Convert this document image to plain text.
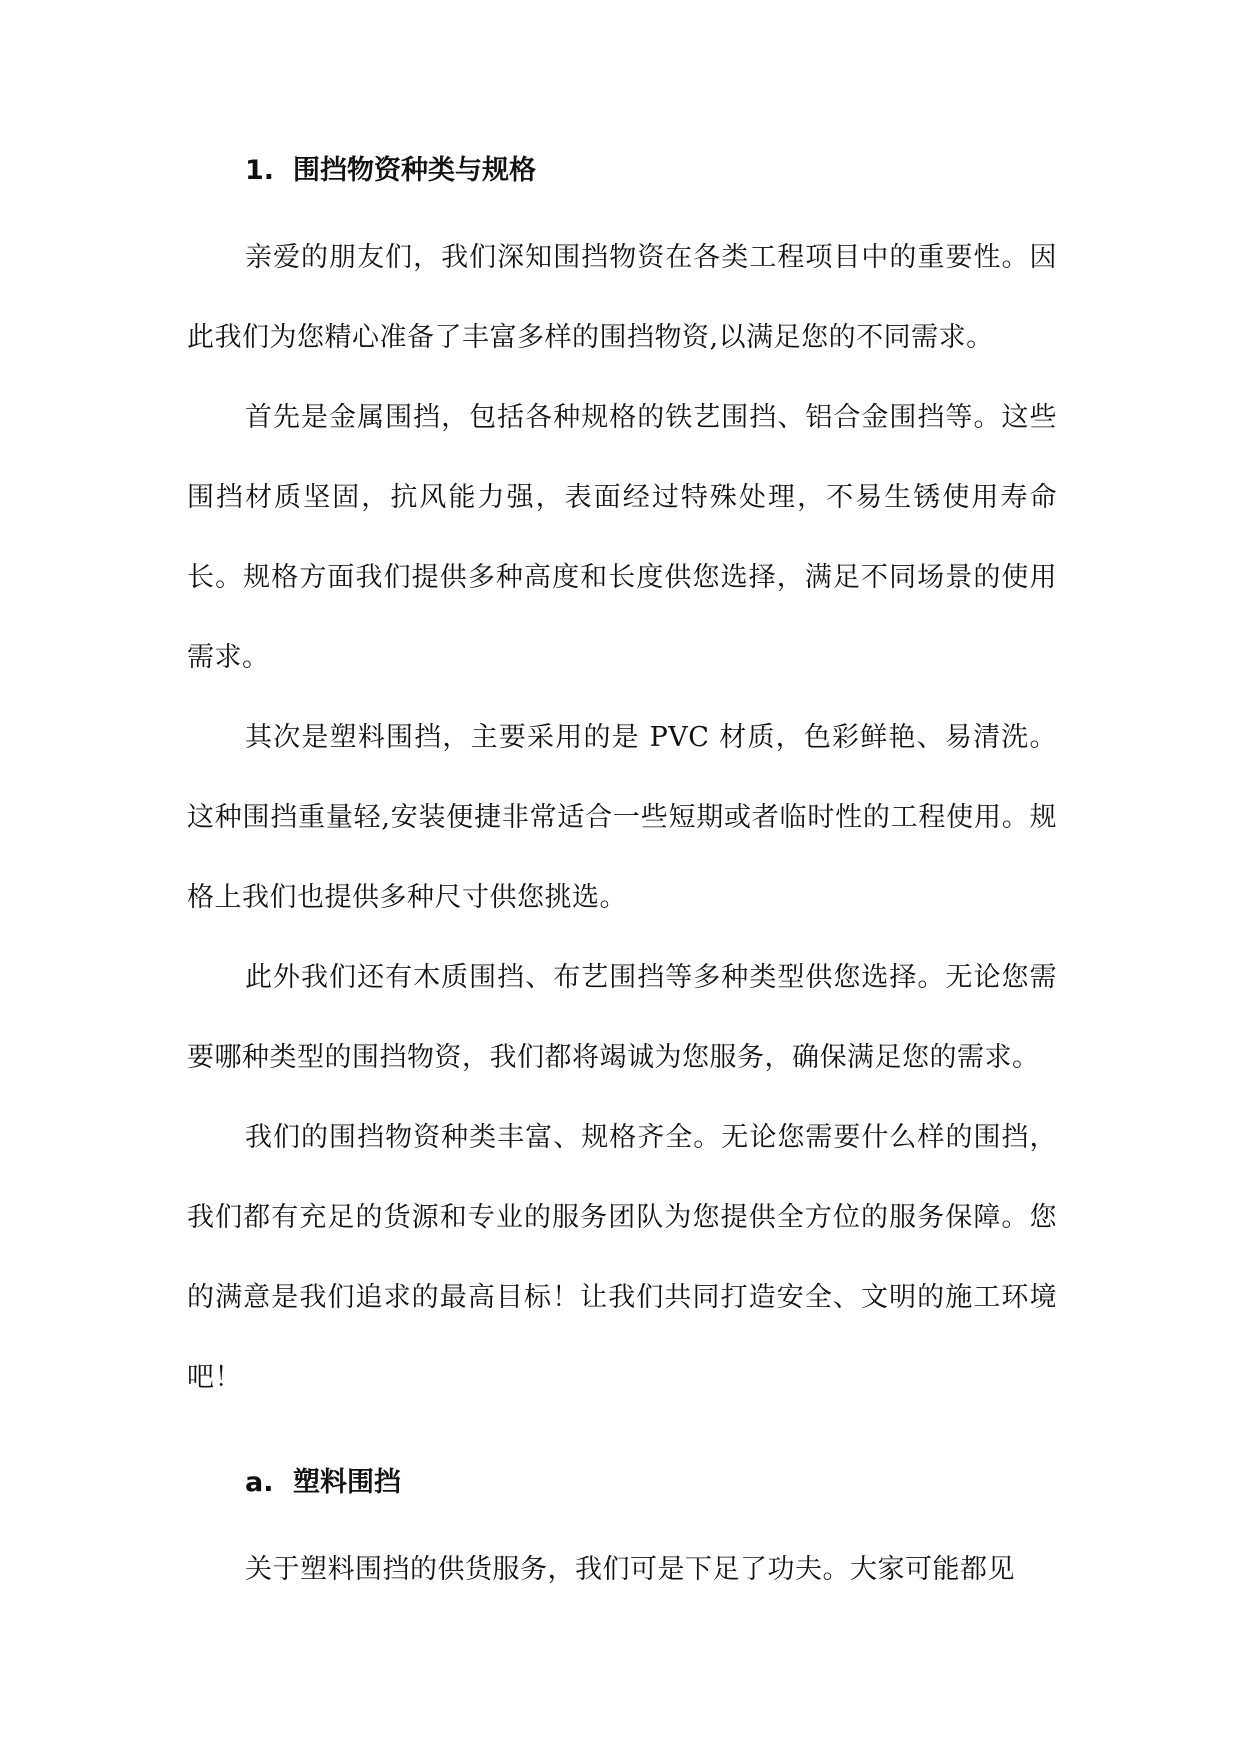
1. 围挡物资种类与规格

亲爱的朋友们，我们深知围挡物资在各类工程项目中的重要性。因此我们为您精心准备了丰富多样的围挡物资,以满足您的不同需求。

首先是金属围挡，包括各种规格的铁艺围挡、铝合金围挡等。这些围挡材质坚固，抗风能力强，表面经过特殊处理，不易生锈使用寿命长。规格方面我们提供多种高度和长度供您选择，满足不同场景的使用需求。

其次是塑料围挡，主要采用的是 PVC 材质，色彩鲜艳、易清洗。这种围挡重量轻,安装便捷非常适合一些短期或者临时性的工程使用。规格上我们也提供多种尺寸供您挑选。

此外我们还有木质围挡、布艺围挡等多种类型供您选择。无论您需要哪种类型的围挡物资，我们都将竭诚为您服务，确保满足您的需求。

我们的围挡物资种类丰富、规格齐全。无论您需要什么样的围挡，我们都有充足的货源和专业的服务团队为您提供全方位的服务保障。您的满意是我们追求的最高目标！让我们共同打造安全、文明的施工环境吧！

a. 塑料围挡

关于塑料围挡的供货服务，我们可是下足了功夫。大家可能都见
